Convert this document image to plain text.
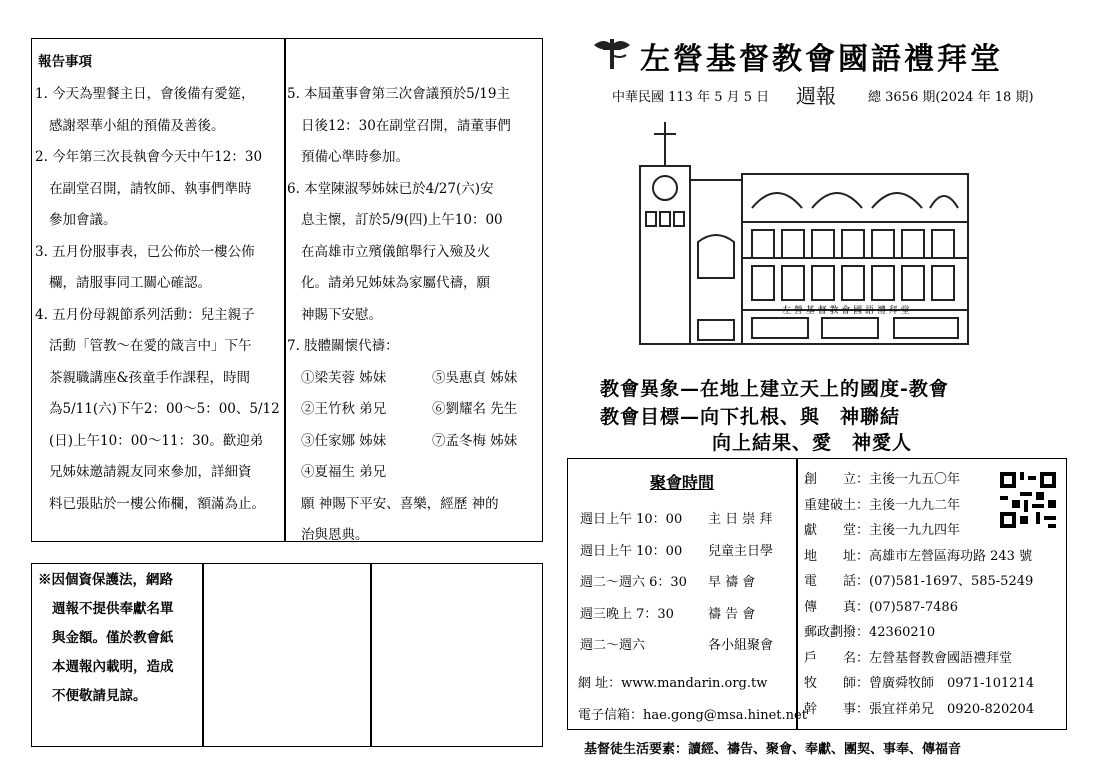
報告事項
1. 今天為聖餐主日，會後備有愛筵，
感謝翠華小組的預備及善後。
2. 今年第三次長執會今天中午12：30
在副堂召開，請牧師、執事們準時
參加會議。
3. 五月份服事表，已公佈於一樓公佈
欄，請服事同工關心確認。
4. 五月份母親節系列活動：兒主親子
活動「管教～在愛的箴言中」下午
茶親職講座&孩童手作課程，時間
為5/11(六)下午2：00～5：00、5/12
(日)上午10：00～11：30。歡迎弟
兄姊妹邀請親友同來參加，詳細資
料已張貼於一樓公佈欄，額滿為止。
5. 本屆董事會第三次會議預於5/19主
日後12：30在副堂召開，請董事們
預備心準時參加。
6. 本堂陳淑琴姊妹已於4/27(六)安
息主懷，訂於5/9(四)上午10：00
在高雄市立殯儀館舉行入殮及火
化。請弟兄姊妹為家屬代禱，願
神賜下安慰。
7. 肢體關懷代禱：
①梁芙蓉 姊妹
②王竹秋 弟兄
③任家娜 姊妹
④夏福生 弟兄
願 神賜下平安、喜樂，經歷 神的
治與恩典。
⑤吳惠貞 姊妹
⑥劉耀名 先生
⑦孟冬梅 姊妹
※因個資保護法，網路
週報不提供奉獻名單
與金額。僅於教會紙
本週報內載明，造成
不便敬請見諒。
左營基督教會國語禮拜堂
中華民國 113 年 5 月 5 日 週報 總 3656 期(2024 年 18 期)
左 營 基 督 教 會 國 語 禮 拜 堂
教會異象—在地上建立天上的國度-教會
教會目標—向下扎根、與　神聯結
向上結果、愛　神愛人
聚會時間
週日上午 10：00 主 日 崇 拜
週日上午 10：00 兒童主日學
週二～週六 6：30 早 禱 會
週三晚上 7：30	禱 告 會
週二～週六	各小組聚會
網 址：www.mandarin.org.tw
電子信箱：hae.gong@msa.hinet.net
創　　立：主後一九五〇年
重建破土：主後一九九二年
獻　　堂：主後一九九四年
地　　址：高雄市左營區海功路 243 號
電　　話：(07)581-1697、585-5249
傳　　真：(07)587-7486
郵政劃撥：42360210
戶　　名：左營基督教會國語禮拜堂
牧　　師：曾廣舜牧師　0971-101214
幹　　事：張宜祥弟兄　0920-820204
基督徒生活要素：讀經、禱告、聚會、奉獻、團契、事奉、傳福音
